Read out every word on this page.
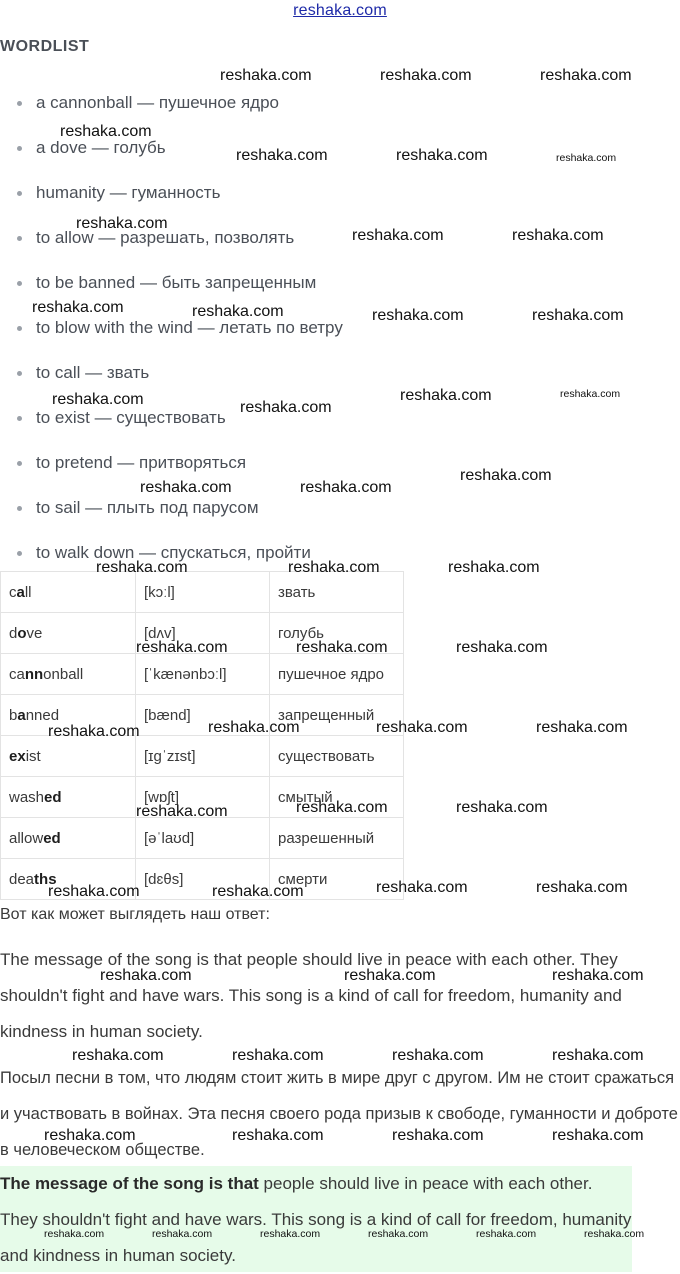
reshaka.com
WORDLIST
a cannonball — пушечное ядро
a dove — голубь
humanity — гуманность
to allow — разрешать, позволять
to be banned — быть запрещенным
to blow with the wind — летать по ветру
to call — звать
to exist — существовать
to pretend — притворяться
to sail — плыть под парусом
to walk down — спускаться, пройти
call	[kɔːl]	звать
dove	[dʌv]	голубь
cannonball	[ˈkænənbɔːl]	пушечное ядро
banned	[bænd]	запрещенный
exist	[ɪɡˈzɪst]	существовать
washed	[wɒʃt]	смытый
allowed	[əˈlaʊd]	разрешенный
deaths	[dɛθs]	смерти

Вот как может выглядеть наш ответ:

The message of the song is that people should live in peace with each other. They shouldn't fight and have wars. This song is a kind of call for freedom, humanity and kindness in human society.

Посыл песни в том, что людям стоит жить в мире друг с другом. Им не стоит сражаться и участвовать в войнах. Эта песня своего рода призыв к свободе, гуманности и доброте в человеческом обществе.

The message of the song is that people should live in peace with each other. They shouldn't fight and have wars. This song is a kind of call for freedom, humanity and kindness in human society.

reshaka.com	reshaka.com	reshaka.com
reshaka.com
reshaka.com	reshaka.com	reshaka.com
reshaka.com
reshaka.com	reshaka.com
reshaka.com	reshaka.com	reshaka.com	reshaka.com
reshaka.com	reshaka.com
reshaka.com	reshaka.com
reshaka.com
reshaka.com	reshaka.com
reshaka.com	reshaka.com	reshaka.com
reshaka.com	reshaka.com	reshaka.com
reshaka.com	reshaka.com	reshaka.com
reshaka.com
reshaka.com	reshaka.com
reshaka.com
reshaka.com	reshaka.com
reshaka.com	reshaka.com
reshaka.com	reshaka.com	reshaka.com
reshaka.com	reshaka.com	reshaka.com	reshaka.com
reshaka.com	reshaka.com	reshaka.com	reshaka.com
reshaka.com	reshaka.com	reshaka.com	reshaka.com	reshaka.com	reshaka.com
